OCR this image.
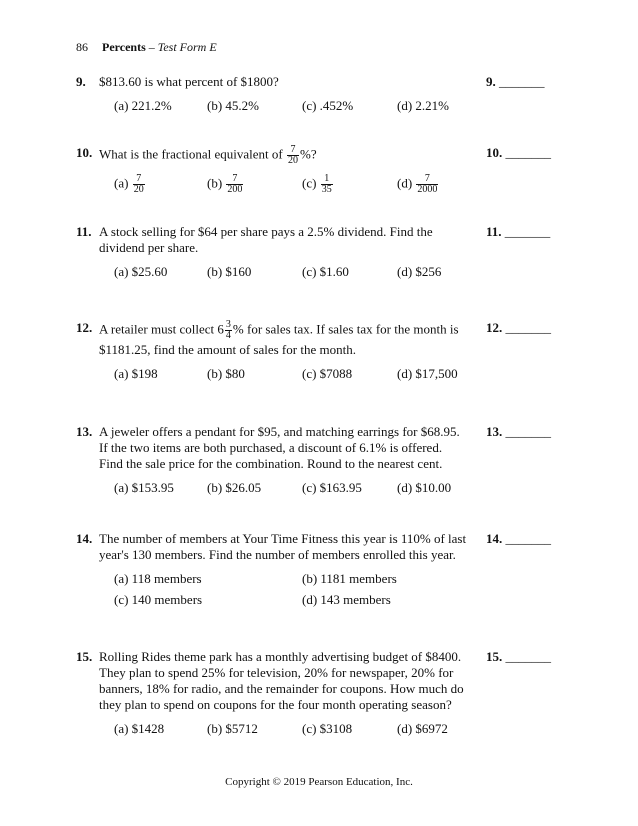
86 Percents – Test Form E
9.	$813.60 is what percent of $1800?	9. _______
(a) 221.2%	(b) 45.2%	(c) .452%	(d) 2.21%
10. What is the fractional equivalent of $\frac{7}{20}$ %?	10. _______
$(a) \frac{7}{20}$	$(b) \frac{7}{200}$	$(c) \frac{1}{35}$	$(d) \frac{7}{2000}$
11. A stock selling for $64 per share pays a 2.5% dividend. Find the dividend per share.
11. _______
(a) $25.60	(b) $160	(c) $1.60	(d) $256
12. A retailer must collect $6 \frac{3}{4}$ % for sales tax. If sales tax for the month is
$1181.25, find the amount of sales for the month.
12. _______
(a) $198	(b) $80	(c) $7088	(d) $17,500
13. A jeweler offers a pendant for $95, and matching earrings for $68.95.
If the two items are both purchased, a discount of 6.1% is offered.
Find the sale price for the combination. Round to the nearest cent.
13. _______
(a) $153.95	(b) $26.05	(c) $163.95	(d) $10.00
14. The number of members at Your Time Fitness this year is 110% of last
year's 130 members. Find the number of members enrolled this year.
14. _______
(a) 118 members	(b) 1181 members
(c) 140 members	(d) 143 members
15. Rolling Rides theme park has a monthly advertising budget of $8400.
They plan to spend 25% for television, 20% for newspaper, 20% for
banners, 18% for radio, and the remainder for coupons. How much do
they plan to spend on coupons for the four month operating season?
15. _______
(a) $1428	(b) $5712	(c) $3108	(d) $6972
Copyright © 2019 Pearson Education, Inc.
